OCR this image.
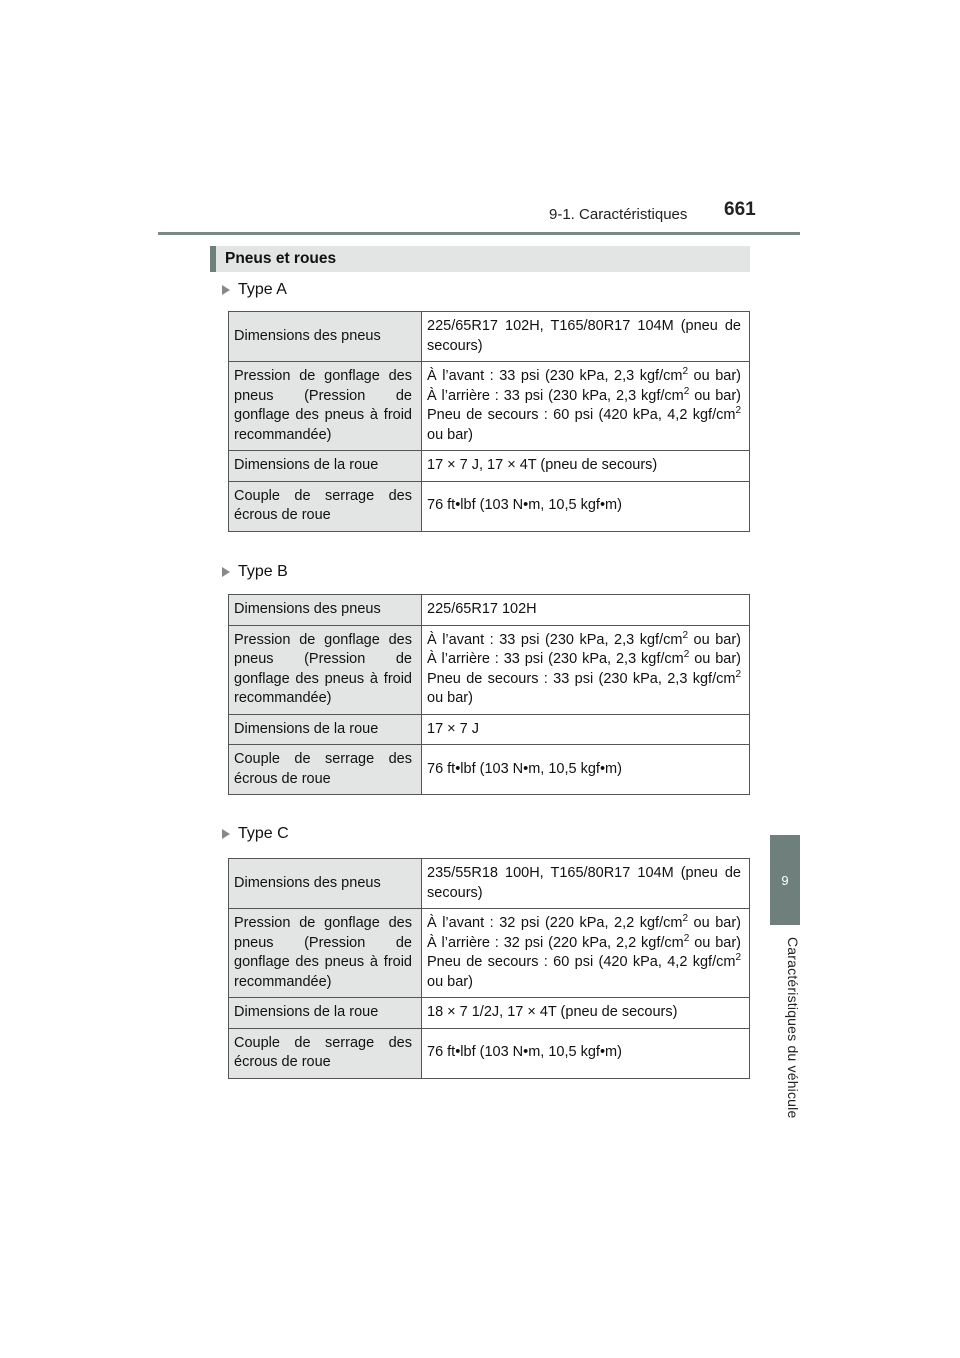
9-1. Caractéristiques 661
9
Caractéristiques du véhicule
Pneus et roues
Type A
Dimensions des pneus	225/65R17 102H, T165/80R17 104M (pneu de secours)
Pression de gonflage des pneus (Pression de gonflage des pneus à froid recommandée)	À l’avant : 33 psi (230 kPa, 2,3 kgf/$cm^2$ ou bar)
À l’arrière : 33 psi (230 kPa, 2,3 kgf/$cm^2$ ou bar)
Pneu de secours : 60 psi (420 kPa, 4,2 kgf/$cm^2$ ou bar)

Dimensions de la roue	17 × 7 J, 17 × 4T (pneu de secours)
Couple de serrage des écrous de roue	76 ft•lbf (103 N•m, 10,5 kgf•m)
Type B
Dimensions des pneus	225/65R17 102H
Pression de gonflage des pneus (Pression de gonflage des pneus à froid recommandée)	À l’avant : 33 psi (230 kPa, 2,3 kgf/$cm^2$ ou bar)
À l’arrière : 33 psi (230 kPa, 2,3 kgf/$cm^2$ ou bar)
Pneu de secours : 33 psi (230 kPa, 2,3 kgf/$cm^2$ ou bar)

Dimensions de la roue	17 × 7 J
Couple de serrage des écrous de roue	76 ft•lbf (103 N•m, 10,5 kgf•m)
Type C
Dimensions des pneus	235/55R18 100H, T165/80R17 104M (pneu de secours)
Pression de gonflage des pneus (Pression de gonflage des pneus à froid recommandée)	À l’avant : 32 psi (220 kPa, 2,2 kgf/$cm^2$ ou bar)
À l’arrière : 32 psi (220 kPa, 2,2 kgf/$cm^2$ ou bar)
Pneu de secours : 60 psi (420 kPa, 4,2 kgf/$cm^2$ ou bar)

Dimensions de la roue	18 × 7 1/2J, 17 × 4T (pneu de secours)
Couple de serrage des écrous de roue	76 ft•lbf (103 N•m, 10,5 kgf•m)
